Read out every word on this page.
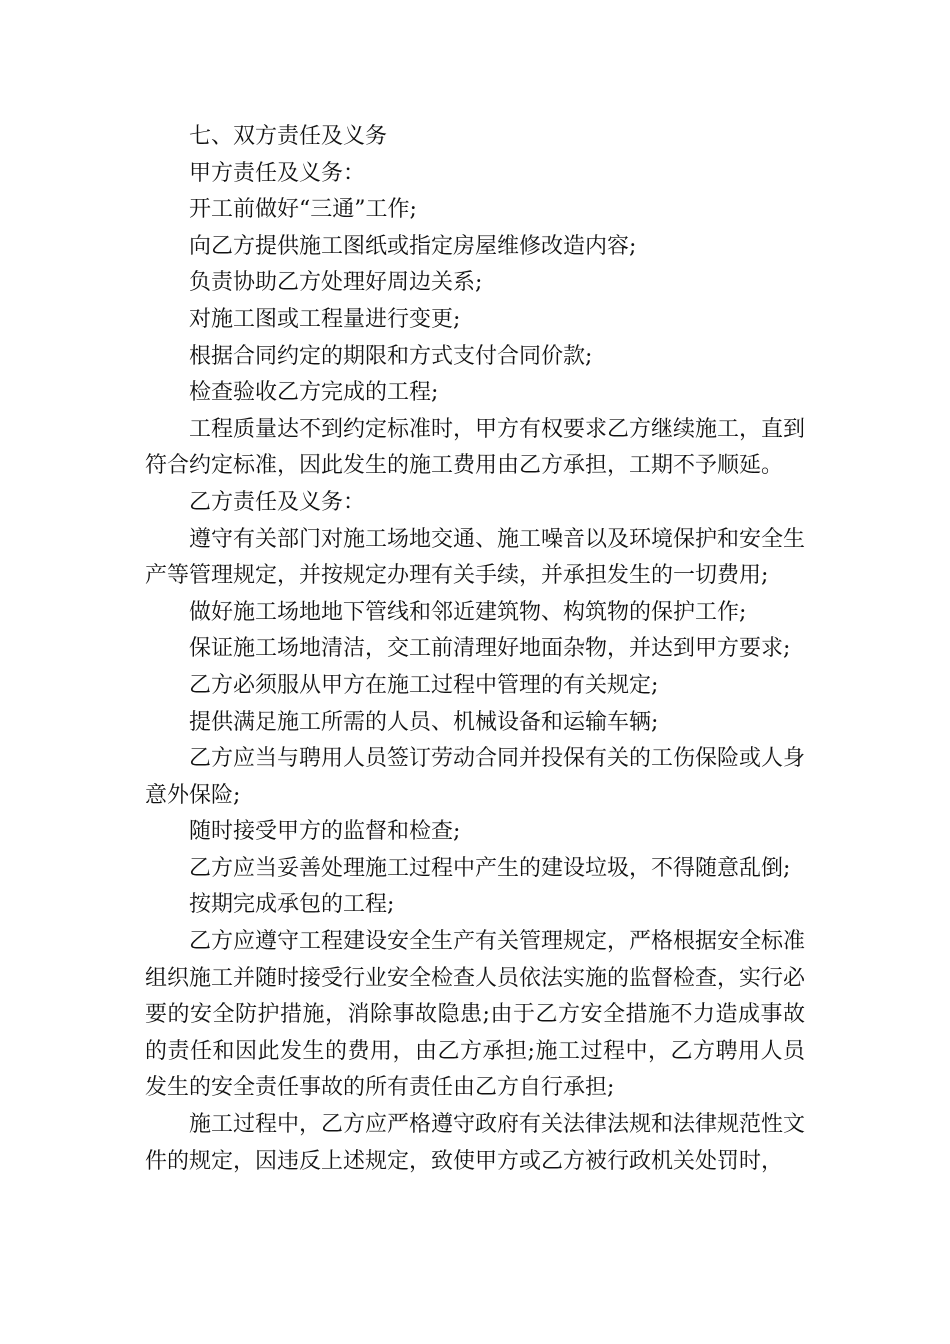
七、双方责任及义务

甲方责任及义务：

开工前做好“三通”工作;

向乙方提供施工图纸或指定房屋维修改造内容;

负责协助乙方处理好周边关系;

对施工图或工程量进行变更;

根据合同约定的期限和方式支付合同价款;

检查验收乙方完成的工程;

工程质量达不到约定标准时，甲方有权要求乙方继续施工，直到符合约定标准，因此发生的施工费用由乙方承担，工期不予顺延。

乙方责任及义务：

遵守有关部门对施工场地交通、施工噪音以及环境保护和安全生产等管理规定，并按规定办理有关手续，并承担发生的一切费用;

做好施工场地地下管线和邻近建筑物、构筑物的保护工作;

保证施工场地清洁，交工前清理好地面杂物，并达到甲方要求;

乙方必须服从甲方在施工过程中管理的有关规定;

提供满足施工所需的人员、机械设备和运输车辆;

乙方应当与聘用人员签订劳动合同并投保有关的工伤保险或人身意外保险;

随时接受甲方的监督和检查;

乙方应当妥善处理施工过程中产生的建设垃圾，不得随意乱倒;

按期完成承包的工程;

乙方应遵守工程建设安全生产有关管理规定，严格根据安全标准组织施工并随时接受行业安全检查人员依法实施的监督检查，实行必要的安全防护措施，消除事故隐患;由于乙方安全措施不力造成事故的责任和因此发生的费用，由乙方承担;施工过程中，乙方聘用人员发生的安全责任事故的所有责任由乙方自行承担;

施工过程中，乙方应严格遵守政府有关法律法规和法律规范性文件的规定，因违反上述规定，致使甲方或乙方被行政机关处罚时，
